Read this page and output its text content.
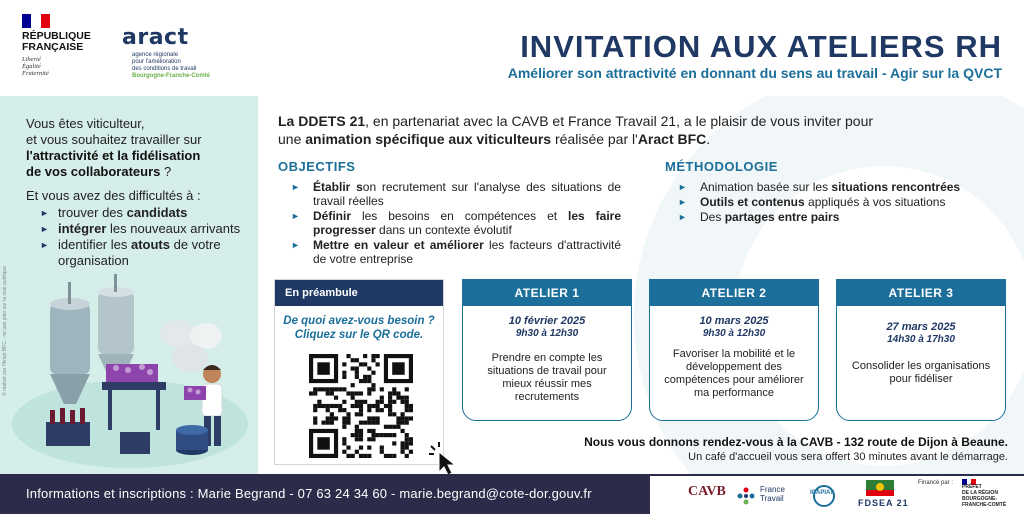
RÉPUBLIQUE
FRANÇAISE
Liberté
Égalité
Fraternité
aract
agence régionale
pour l'amélioration
des conditions de travail
Bourgogne-Franche-Comté
INVITATION AUX ATELIERS RH
Améliorer son attractivité en donnant du sens au travail - Agir sur la QVCT
Vous êtes viticulteur,
et vous souhaitez travailler sur
l'attractivité et la fidélisation
de vos collaborateurs ?
Et vous avez des difficultés à :
► trouver des candidats
► intégrer les nouveaux arrivants
► identifier les atouts de votre organisation
© réalisé par l'Aract BFC - ne pas jeter sur la voie publique
La DDETS 21, en partenariat avec la CAVB et France Travail 21, a le plaisir de vous inviter pour une animation spécifique aux viticulteurs réalisée par l'Aract BFC.
OBJECTIFS
► Établir son recrutement sur l'analyse des situations de travail réelles
► Définir les besoins en compétences et les faire progresser dans un contexte évolutif
► Mettre en valeur et améliorer les facteurs d'attractivité de votre entreprise
MÉTHODOLOGIE
► Animation basée sur les situations rencontrées
► Outils et contenus appliqués à vos situations
► Des partages entre pairs
En préambule
De quoi avez-vous besoin ?
Cliquez sur le QR code.
ATELIER 1
10 février 2025
9h30 à 12h30
Prendre en compte les situations de travail pour mieux réussir mes recrutements
ATELIER 2
10 mars 2025
9h30 à 12h30
Favoriser la mobilité et le développement des compétences pour améliorer ma performance
ATELIER 3
27 mars 2025
14h30 à 17h30
Consolider les organisations pour fidéliser
Nous vous donnons rendez-vous à la CAVB - 132 route de Dijon à Beaune.
Un café d'accueil vous sera offert 30 minutes avant le démarrage.
Informations et inscriptions : Marie Begrand - 07 63 24 34 60 - marie.begrand@cote-dor.gouv.fr	CAVB	France
Travail
ICAPIAT
FDSEA 21
Financé par :
PRÉFET
DE LA RÉGION
BOURGOGNE-
FRANCHE-COMTÉ
